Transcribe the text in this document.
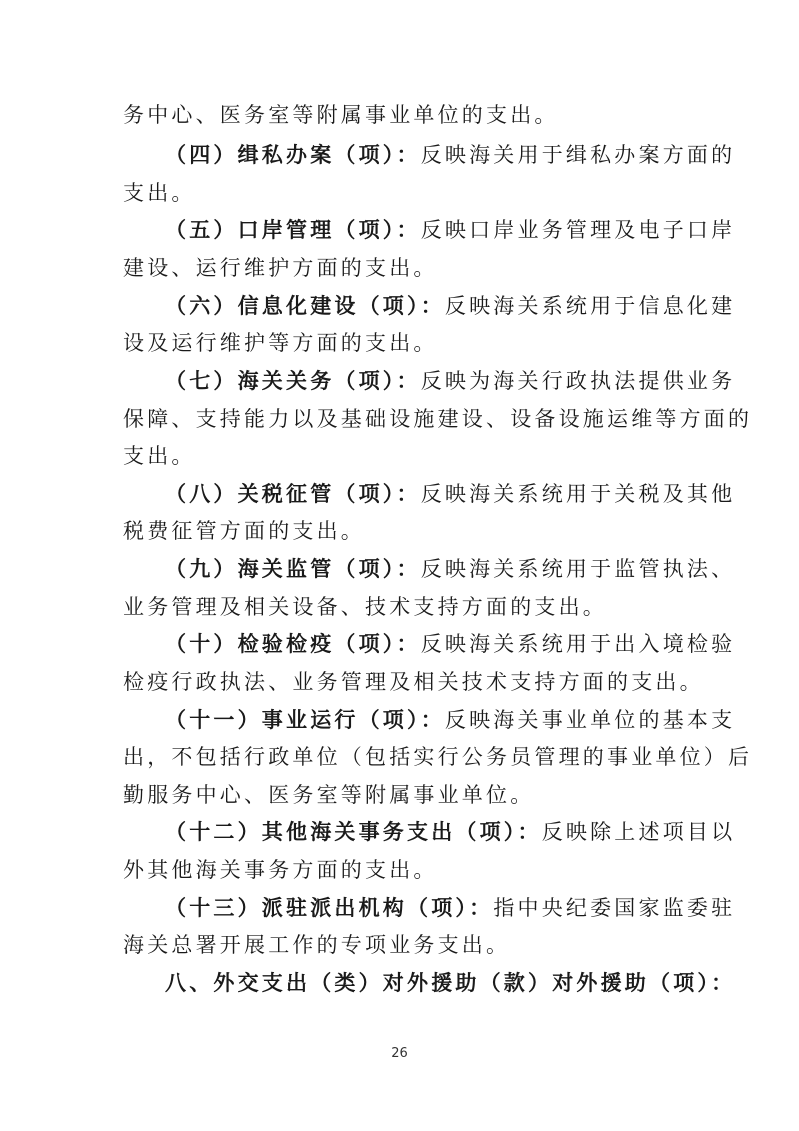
务中心、医务室等附属事业单位的支出。
（四）缉私办案（项）：反映海关用于缉私办案方面的
支出。
（五）口岸管理（项）：反映口岸业务管理及电子口岸
建设、运行维护方面的支出。
（六）信息化建设（项）：反映海关系统用于信息化建
设及运行维护等方面的支出。
（七）海关关务（项）：反映为海关行政执法提供业务
保障、支持能力以及基础设施建设、设备设施运维等方面的
支出。
（八）关税征管（项）：反映海关系统用于关税及其他
税费征管方面的支出。
（九）海关监管（项）：反映海关系统用于监管执法、
业务管理及相关设备、技术支持方面的支出。
（十）检验检疫（项）：反映海关系统用于出入境检验
检疫行政执法、业务管理及相关技术支持方面的支出。
（十一）事业运行（项）：反映海关事业单位的基本支
出，不包括行政单位（包括实行公务员管理的事业单位）后
勤服务中心、医务室等附属事业单位。
（十二）其他海关事务支出（项）：反映除上述项目以
外其他海关事务方面的支出。
（十三）派驻派出机构（项）：指中央纪委国家监委驻
海关总署开展工作的专项业务支出。
八、外交支出（类）对外援助（款）对外援助（项）：
26
